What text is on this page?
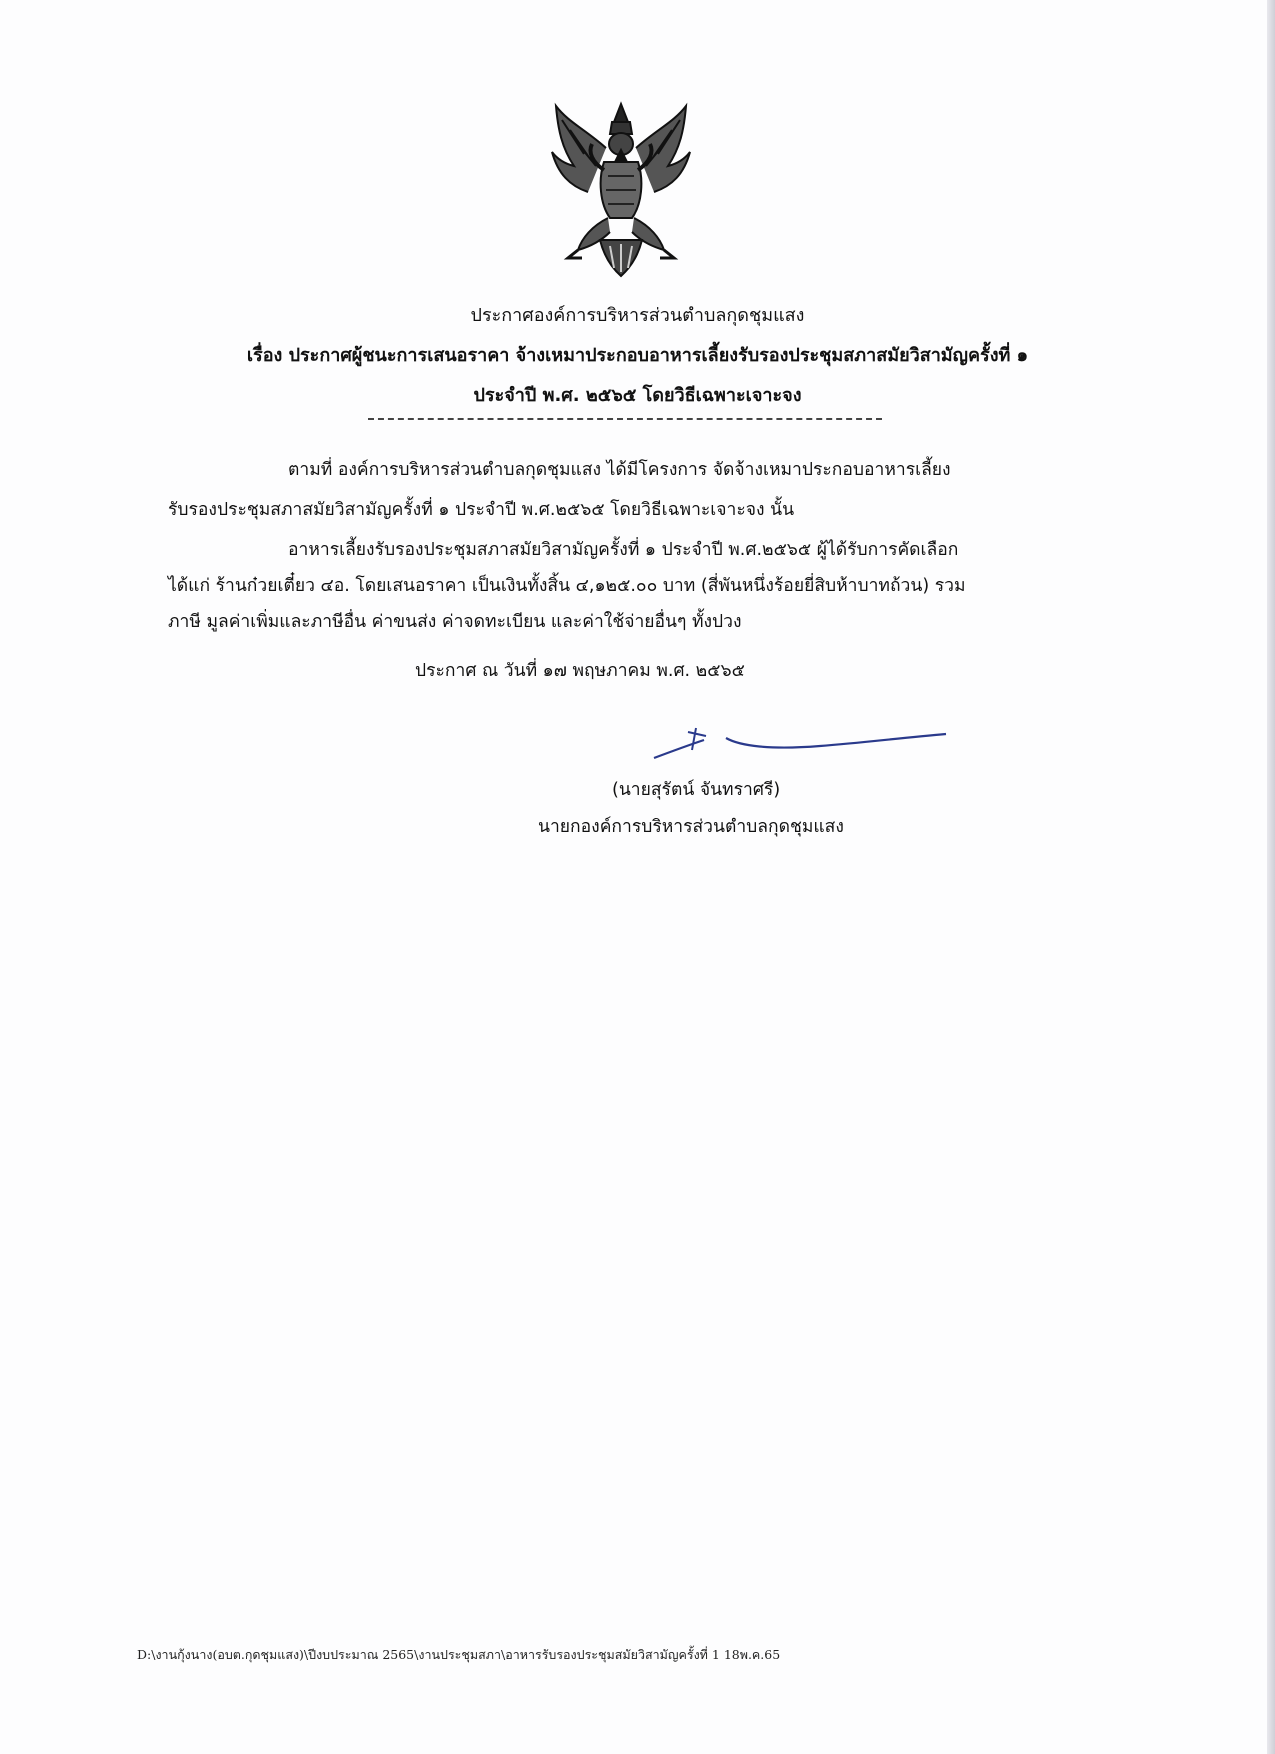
ประกาศองค์การบริหารส่วนตำบลกุดชุมแสง
เรื่อง ประกาศผู้ชนะการเสนอราคา จ้างเหมาประกอบอาหารเลี้ยงรับรองประชุมสภาสมัยวิสามัญครั้งที่ ๑
ประจำปี พ.ศ. ๒๕๖๕ โดยวิธีเฉพาะเจาะจง
ตามที่ องค์การบริหารส่วนตำบลกุดชุมแสง ได้มีโครงการ จัดจ้างเหมาประกอบอาหารเลี้ยง
รับรองประชุมสภาสมัยวิสามัญครั้งที่ ๑ ประจำปี พ.ศ.๒๕๖๕ โดยวิธีเฉพาะเจาะจง นั้น
อาหารเลี้ยงรับรองประชุมสภาสมัยวิสามัญครั้งที่ ๑ ประจำปี พ.ศ.๒๕๖๕ ผู้ได้รับการคัดเลือก
ได้แก่ ร้านก๋วยเตี๋ยว ๔อ. โดยเสนอราคา เป็นเงินทั้งสิ้น ๔,๑๒๕.๐๐ บาท (สี่พันหนึ่งร้อยยี่สิบห้าบาทถ้วน) รวม
ภาษี มูลค่าเพิ่มและภาษีอื่น ค่าขนส่ง ค่าจดทะเบียน และค่าใช้จ่ายอื่นๆ ทั้งปวง
ประกาศ ณ วันที่ ๑๗ พฤษภาคม พ.ศ. ๒๕๖๕
(นายสุรัตน์ จันทราศรี)
นายกองค์การบริหารส่วนตำบลกุดชุมแสง
D:\งานกุ้งนาง(อบต.กุดชุมแสง)\ปีงบประมาณ 2565\งานประชุมสภา\อาหารรับรองประชุมสมัยวิสามัญครั้งที่ 1 18พ.ค.65
